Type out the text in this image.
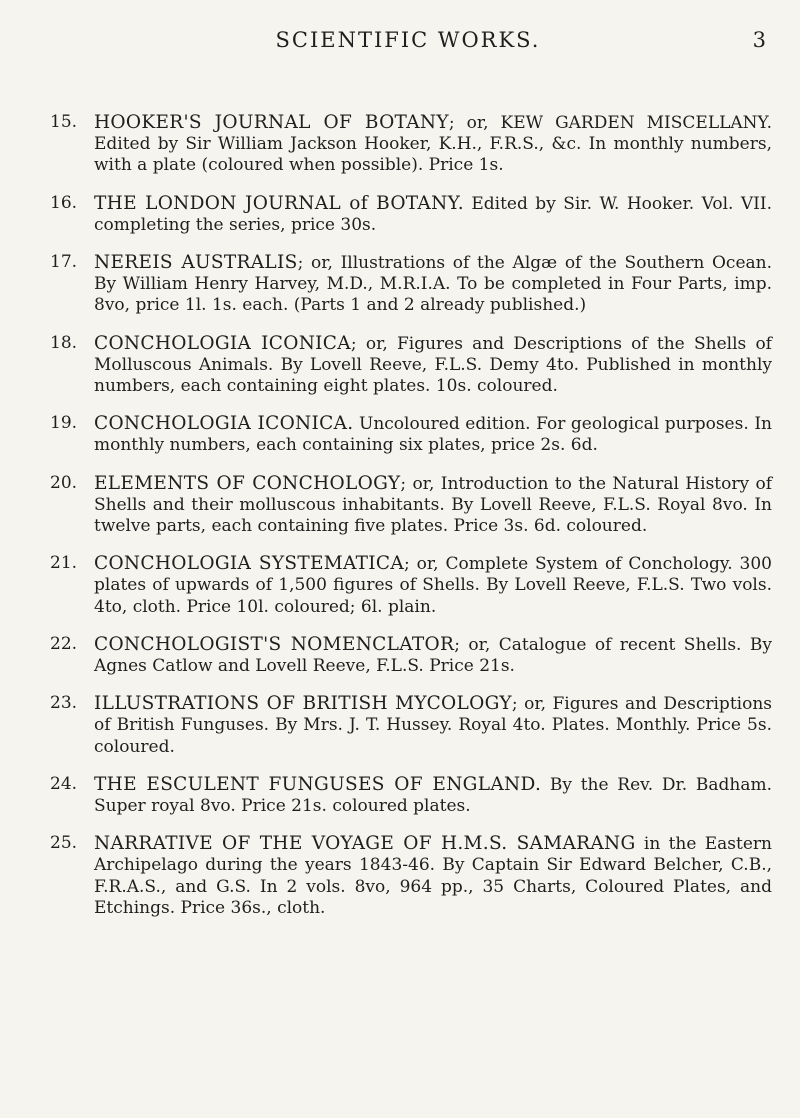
SCIENTIFIC WORKS.	3
15. HOOKER'S JOURNAL OF BOTANY; or, KEW GARDEN MISCELLANY. Edited by Sir William Jackson Hooker, K.H., F.R.S., &c. In monthly numbers, with a plate (coloured when possible). Price 1s.
16. THE LONDON JOURNAL of BOTANY. Edited by Sir. W. Hooker. Vol. VII. completing the series, price 30s.
17. NEREIS AUSTRALIS; or, Illustrations of the Algæ of the Southern Ocean. By William Henry Harvey, M.D., M.R.I.A. To be completed in Four Parts, imp. 8vo, price 1l. 1s. each. (Parts 1 and 2 already published.)
18. CONCHOLOGIA ICONICA; or, Figures and Descriptions of the Shells of Molluscous Animals. By Lovell Reeve, F.L.S. Demy 4to. Published in monthly numbers, each containing eight plates. 10s. coloured.
19. CONCHOLOGIA ICONICA. Uncoloured edition. For geological purposes. In monthly numbers, each containing six plates, price 2s. 6d.
20. ELEMENTS OF CONCHOLOGY; or, Introduction to the Natural History of Shells and their molluscous inhabitants. By Lovell Reeve, F.L.S. Royal 8vo. In twelve parts, each containing five plates. Price 3s. 6d. coloured.
21. CONCHOLOGIA SYSTEMATICA; or, Complete System of Conchology. 300 plates of upwards of 1,500 figures of Shells. By Lovell Reeve, F.L.S. Two vols. 4to, cloth. Price 10l. coloured; 6l. plain.
22. CONCHOLOGIST'S NOMENCLATOR; or, Catalogue of recent Shells. By Agnes Catlow and Lovell Reeve, F.L.S. Price 21s.
23. ILLUSTRATIONS OF BRITISH MYCOLOGY; or, Figures and Descriptions of British Funguses. By Mrs. J. T. Hussey. Royal 4to. Plates. Monthly. Price 5s. coloured.
24. THE ESCULENT FUNGUSES OF ENGLAND. By the Rev. Dr. Badham. Super royal 8vo. Price 21s. coloured plates.
25. NARRATIVE OF THE VOYAGE OF H.M.S. SAMARANG in the Eastern Archipelago during the years 1843-46. By Captain Sir Edward Belcher, C.B., F.R.A.S., and G.S. In 2 vols. 8vo, 964 pp., 35 Charts, Coloured Plates, and Etchings. Price 36s., cloth.
